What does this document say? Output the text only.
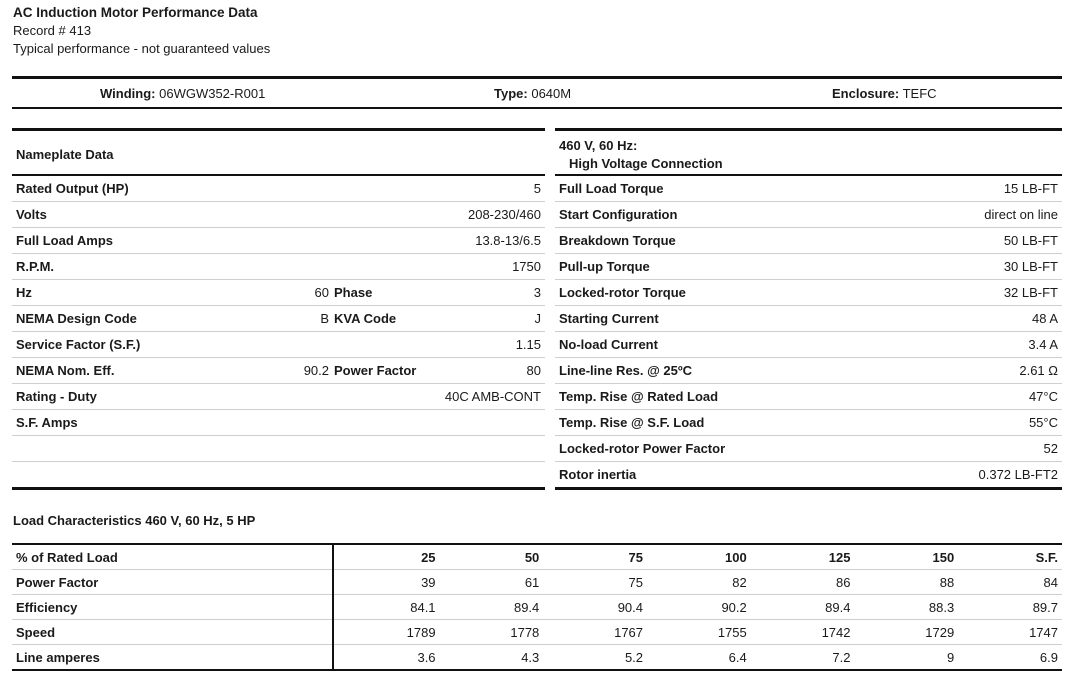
AC Induction Motor Performance Data
Record # 413
Typical performance - not guaranteed values
Winding: 06WGW352-R001	Type: 0640M	Enclosure: TEFC
Nameplate Data
Rated Output (HP)	5
Volts	208-230/460
Full Load Amps	13.8-13/6.5
R.P.M.	1750
Hz	60 Phase	3
NEMA Design Code	B KVA Code	J
Service Factor (S.F.)	1.15
NEMA Nom. Eff.	90.2 Power Factor	80
Rating - Duty	40C AMB-CONT
S.F. Amps
460 V, 60 Hz:
High Voltage Connection
Full Load Torque	15 LB-FT
Start Configuration	direct on line
Breakdown Torque	50 LB-FT
Pull-up Torque	30 LB-FT
Locked-rotor Torque	32 LB-FT
Starting Current	48 A
No-load Current	3.4 A
Line-line Res. @ 25ºC	2.61 Ω
Temp. Rise @ Rated Load	47°C
Temp. Rise @ S.F. Load	55°C
Locked-rotor Power Factor	52
Rotor inertia	0.372 LB-FT2
Load Characteristics 460 V, 60 Hz, 5 HP
% of Rated Load	25	50	75	100	125	150	S.F.
Power Factor	39	61	75	82	86	88	84
Efficiency	84.1	89.4	90.4	90.2	89.4	88.3	89.7
Speed	1789	1778	1767	1755	1742	1729	1747
Line amperes	3.6	4.3	5.2	6.4	7.2	9	6.9
